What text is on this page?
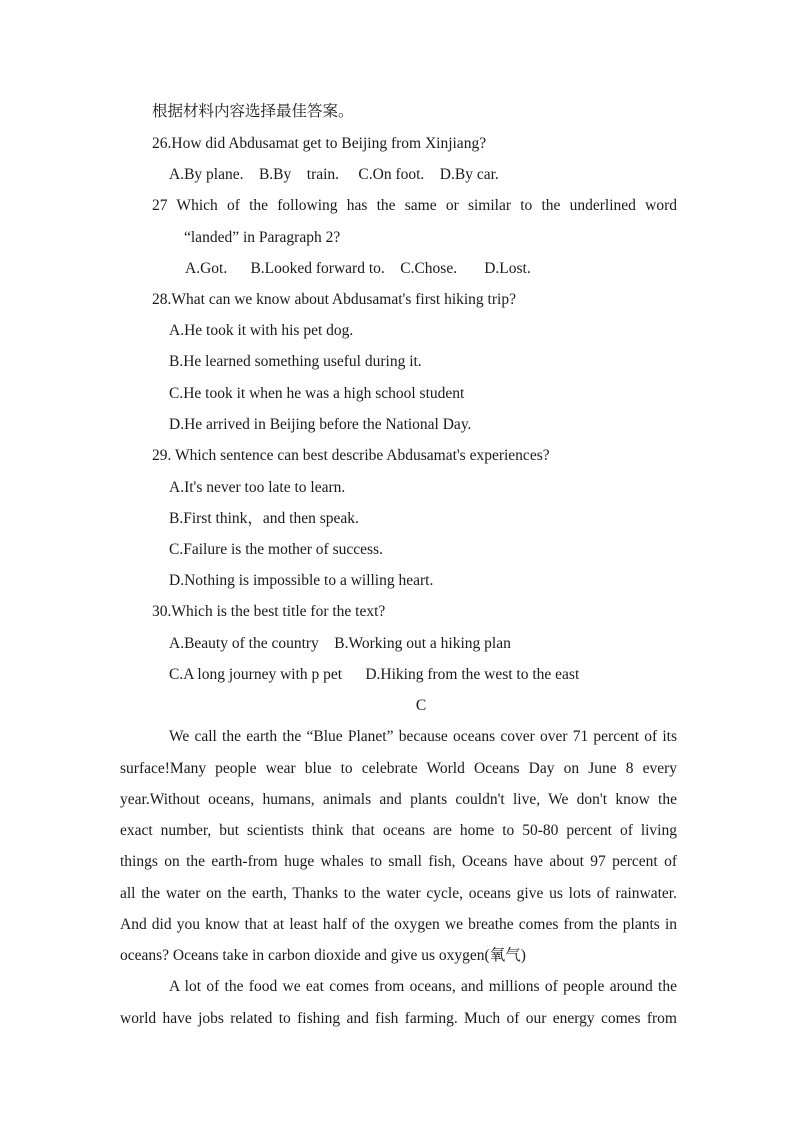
根据材料内容选择最佳答案。
26.How did Abdusamat get to Beijing from Xinjiang?
A.By plane.    B.By    train.     C.On foot.    D.By car.
27 Which of the following has the same or similar to the underlined word
“landed” in Paragraph 2?
A.Got.      B.Looked forward to.    C.Chose.       D.Lost.
28.What can we know about Abdusamat's first hiking trip?
A.He took it with his pet dog.
B.He learned something useful during it.
C.He took it when he was a high school student
D.He arrived in Beijing before the National Day.
29. Which sentence can best describe Abdusamat's experiences?
A.It's never too late to learn.
B.First think，and then speak.
C.Failure is the mother of success.
D.Nothing is impossible to a willing heart.
30.Which is the best title for the text?
A.Beauty of the country    B.Working out a hiking plan
C.A long journey with p pet      D.Hiking from the west to the east
C
We call the earth the “Blue Planet” because oceans cover over 71 percent of its
surface!Many people wear blue to celebrate World Oceans Day on June 8 every
year.Without oceans, humans, animals and plants couldn't live, We don't know the
exact number, but scientists think that oceans are home to 50-80 percent of living
things on the earth-from huge whales to small fish, Oceans have about 97 percent of
all the water on the earth, Thanks to the water cycle, oceans give us lots of rainwater.
And did you know that at least half of the oxygen we breathe comes from the plants in
oceans? Oceans take in carbon dioxide and give us oxygen(氧气)
A lot of the food we eat comes from oceans, and millions of people around the
world have jobs related to fishing and fish farming. Much of our energy comes from
